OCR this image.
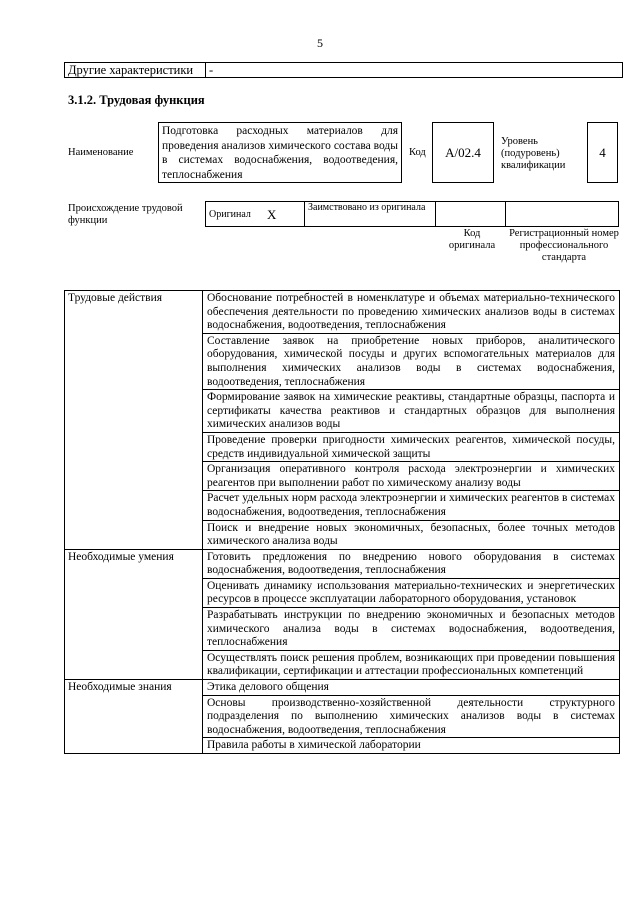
5
Другие характеристики	-
3.1.2. Трудовая функция
Наименование
Подготовка расходных материалов для проведения анализов химического состава воды в системах водоснабжения, водоотведения, теплоснабжения
Код	А/02.4
Уровень (подуровень) квалификации
4
Происхождение трудовой функции
Оригинал	X	Заимствовано из оригинала		
Код оригинала
Регистрационный номер профессионального стандарта
Трудовые действия	Обоснование потребностей в номенклатуре и объемах материально-технического обеспечения деятельности по проведению химических анализов воды в системах водоснабжения, водоотведения, теплоснабжения
	Составление заявок на приобретение новых приборов, аналитического оборудования, химической посуды и других вспомогательных материалов для выполнения химических анализов воды в системах водоснабжения, водоотведения, теплоснабжения
	Формирование заявок на химические реактивы, стандартные образцы, паспорта и сертификаты качества реактивов и стандартных образцов для выполнения химических анализов воды
	Проведение проверки пригодности химических реагентов, химической посуды, средств индивидуальной химической защиты
	Организация оперативного контроля расхода электроэнергии и химических реагентов при выполнении работ по химическому анализу воды
	Расчет удельных норм расхода электроэнергии и химических реагентов в системах водоснабжения, водоотведения, теплоснабжения
	Поиск и внедрение новых экономичных, безопасных, более точных методов химического анализа воды
Необходимые умения	Готовить предложения по внедрению нового оборудования в системах водоснабжения, водоотведения, теплоснабжения
	Оценивать динамику использования материально-технических и энергетических ресурсов в процессе эксплуатации лабораторного оборудования, установок
	Разрабатывать инструкции по внедрению экономичных и безопасных методов химического анализа воды в системах водоснабжения, водоотведения, теплоснабжения
	Осуществлять поиск решения проблем, возникающих при проведении повышения квалификации, сертификации и аттестации профессиональных компетенций
Необходимые знания	Этика делового общения
	Основы производственно-хозяйственной деятельности структурного подразделения по выполнению химических анализов воды в системах водоснабжения, водоотведения, теплоснабжения
	Правила работы в химической лаборатории
